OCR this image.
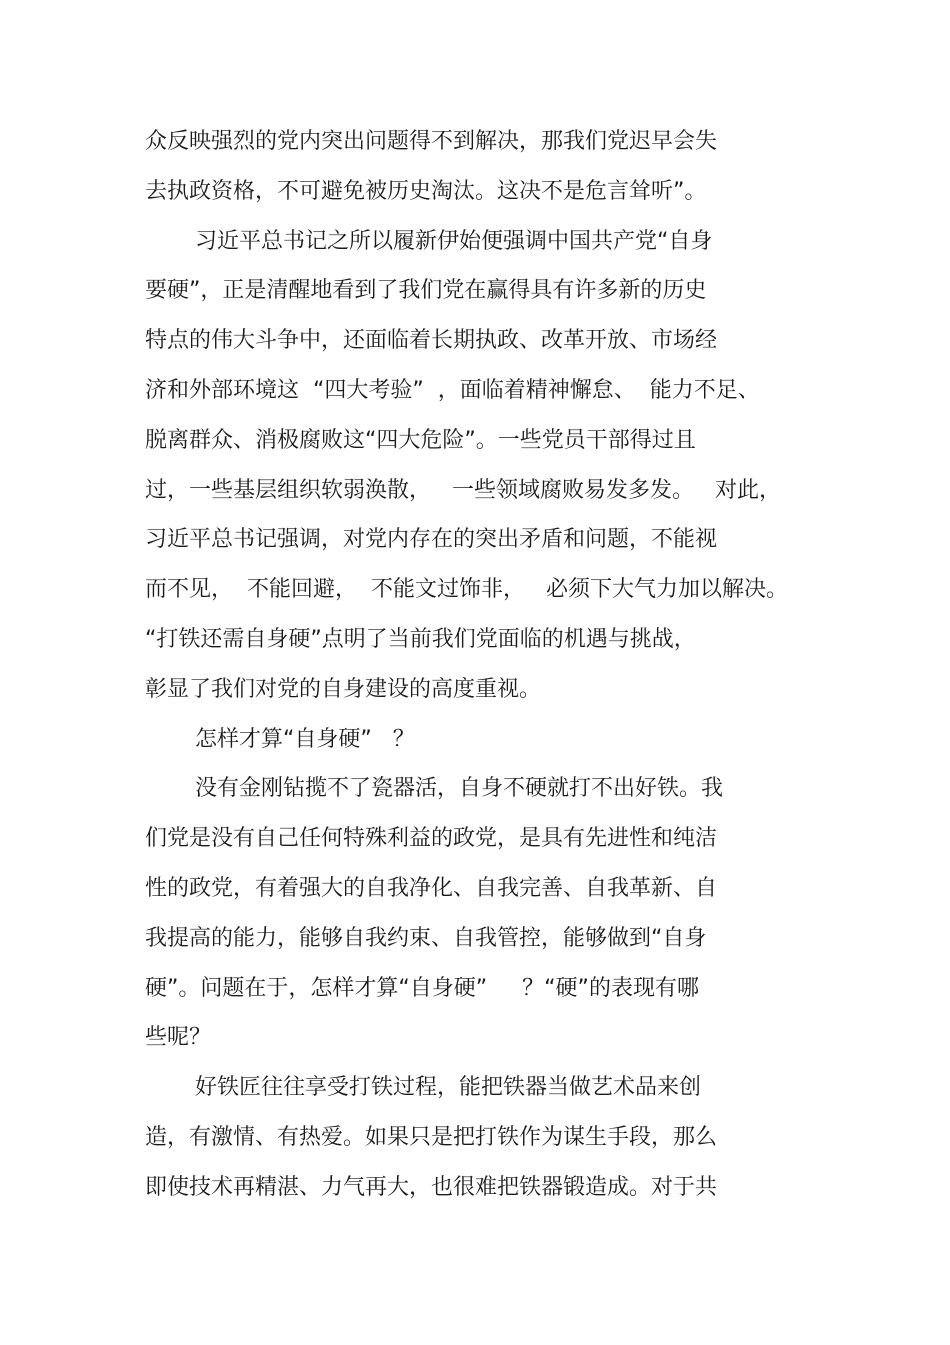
众反映强烈的党内突出问题得不到解决，那我们党迟早会失
去执政资格，不可避免被历史淘汰。这决不是危言耸听”。
习近平总书记之所以履新伊始便强调中国共产党“自身
要硬”，正是清醒地看到了我们党在赢得具有许多新的历史
特点的伟大斗争中，还面临着长期执政、改革开放、市场经
济和外部环境这  “四大考验”  ，面临着精神懈怠、  能力不足、
脱离群众、消极腐败这“四大危险”。一些党员干部得过且
过，一些基层组织软弱涣散，   一些领域腐败易发多发。   对此，
习近平总书记强调，对党内存在的突出矛盾和问题，不能视
而不见，  不能回避，  不能文过饰非，   必须下大气力加以解决。
“打铁还需自身硬”点明了当前我们党面临的机遇与挑战，
彰显了我们对党的自身建设的高度重视。
怎样才算“自身硬”   ？
没有金刚钻揽不了瓷器活，自身不硬就打不出好铁。我
们党是没有自己任何特殊利益的政党，是具有先进性和纯洁
性的政党，有着强大的自我净化、自我完善、自我革新、自
我提高的能力，能够自我约束、自我管控，能够做到“自身
硬”。问题在于，怎样才算“自身硬”     ？“硬”的表现有哪
些呢？
好铁匠往往享受打铁过程，能把铁器当做艺术品来创
造，有激情、有热爱。如果只是把打铁作为谋生手段，那么
即使技术再精湛、力气再大，也很难把铁器锻造成。对于共
